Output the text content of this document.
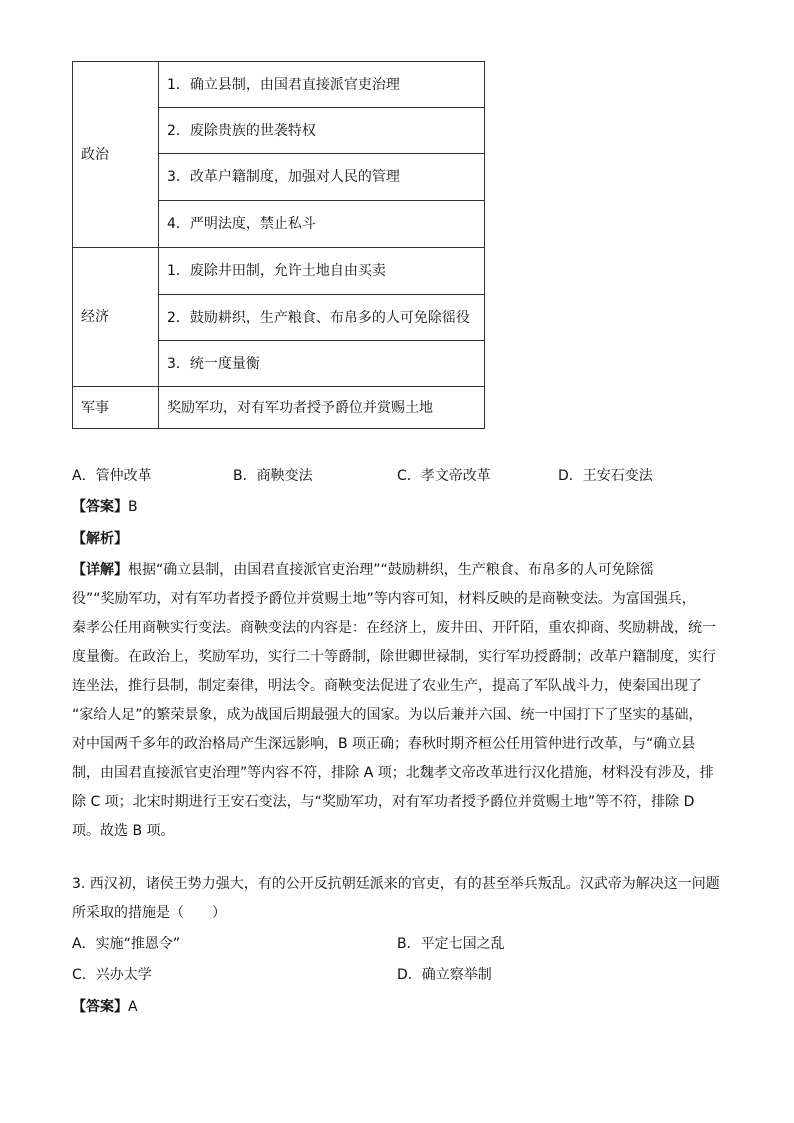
政治	1．确立县制，由国君直接派官吏治理
	2．废除贵族的世袭特权
	3．改革户籍制度，加强对人民的管理
	4．严明法度，禁止私斗
经济	1．废除井田制，允许土地自由买卖
	2．鼓励耕织，生产粮食、布帛多的人可免除徭役
	3．统一度量衡
军事	奖励军功，对有军功者授予爵位并赏赐土地
A．管仲改革	B．商鞅变法	C．孝文帝改革	D．王安石变法
【答案】B
【解析】
【详解】根据“确立县制，由国君直接派官吏治理”“鼓励耕织，生产粮食、布帛多的人可免除徭
役”“奖励军功，对有军功者授予爵位并赏赐土地”等内容可知，材料反映的是商鞅变法。为富国强兵，
秦孝公任用商鞅实行变法。商鞅变法的内容是：在经济上，废井田、开阡陌，重农抑商、奖励耕战，统一
度量衡。在政治上，奖励军功，实行二十等爵制，除世卿世禄制，实行军功授爵制；改革户籍制度，实行
连坐法，推行县制，制定秦律，明法令。商鞅变法促进了农业生产，提高了军队战斗力，使秦国出现了
“家给人足”的繁荣景象，成为战国后期最强大的国家。为以后兼并六国、统一中国打下了坚实的基础，
对中国两千多年的政治格局产生深远影响，B 项正确；春秋时期齐桓公任用管仲进行改革，与“确立县
制，由国君直接派官吏治理”等内容不符，排除 A 项；北魏孝文帝改革进行汉化措施，材料没有涉及，排
除 C 项；北宋时期进行王安石变法，与“奖励军功，对有军功者授予爵位并赏赐土地”等不符，排除 D
项。故选 B 项。
3. 西汉初，诸侯王势力强大，有的公开反抗朝廷派来的官吏，有的甚至举兵叛乱。汉武帝为解决这一问题
所采取的措施是（　　）
A．实施“推恩令”	B．平定七国之乱
C．兴办太学	D．确立察举制
【答案】A
